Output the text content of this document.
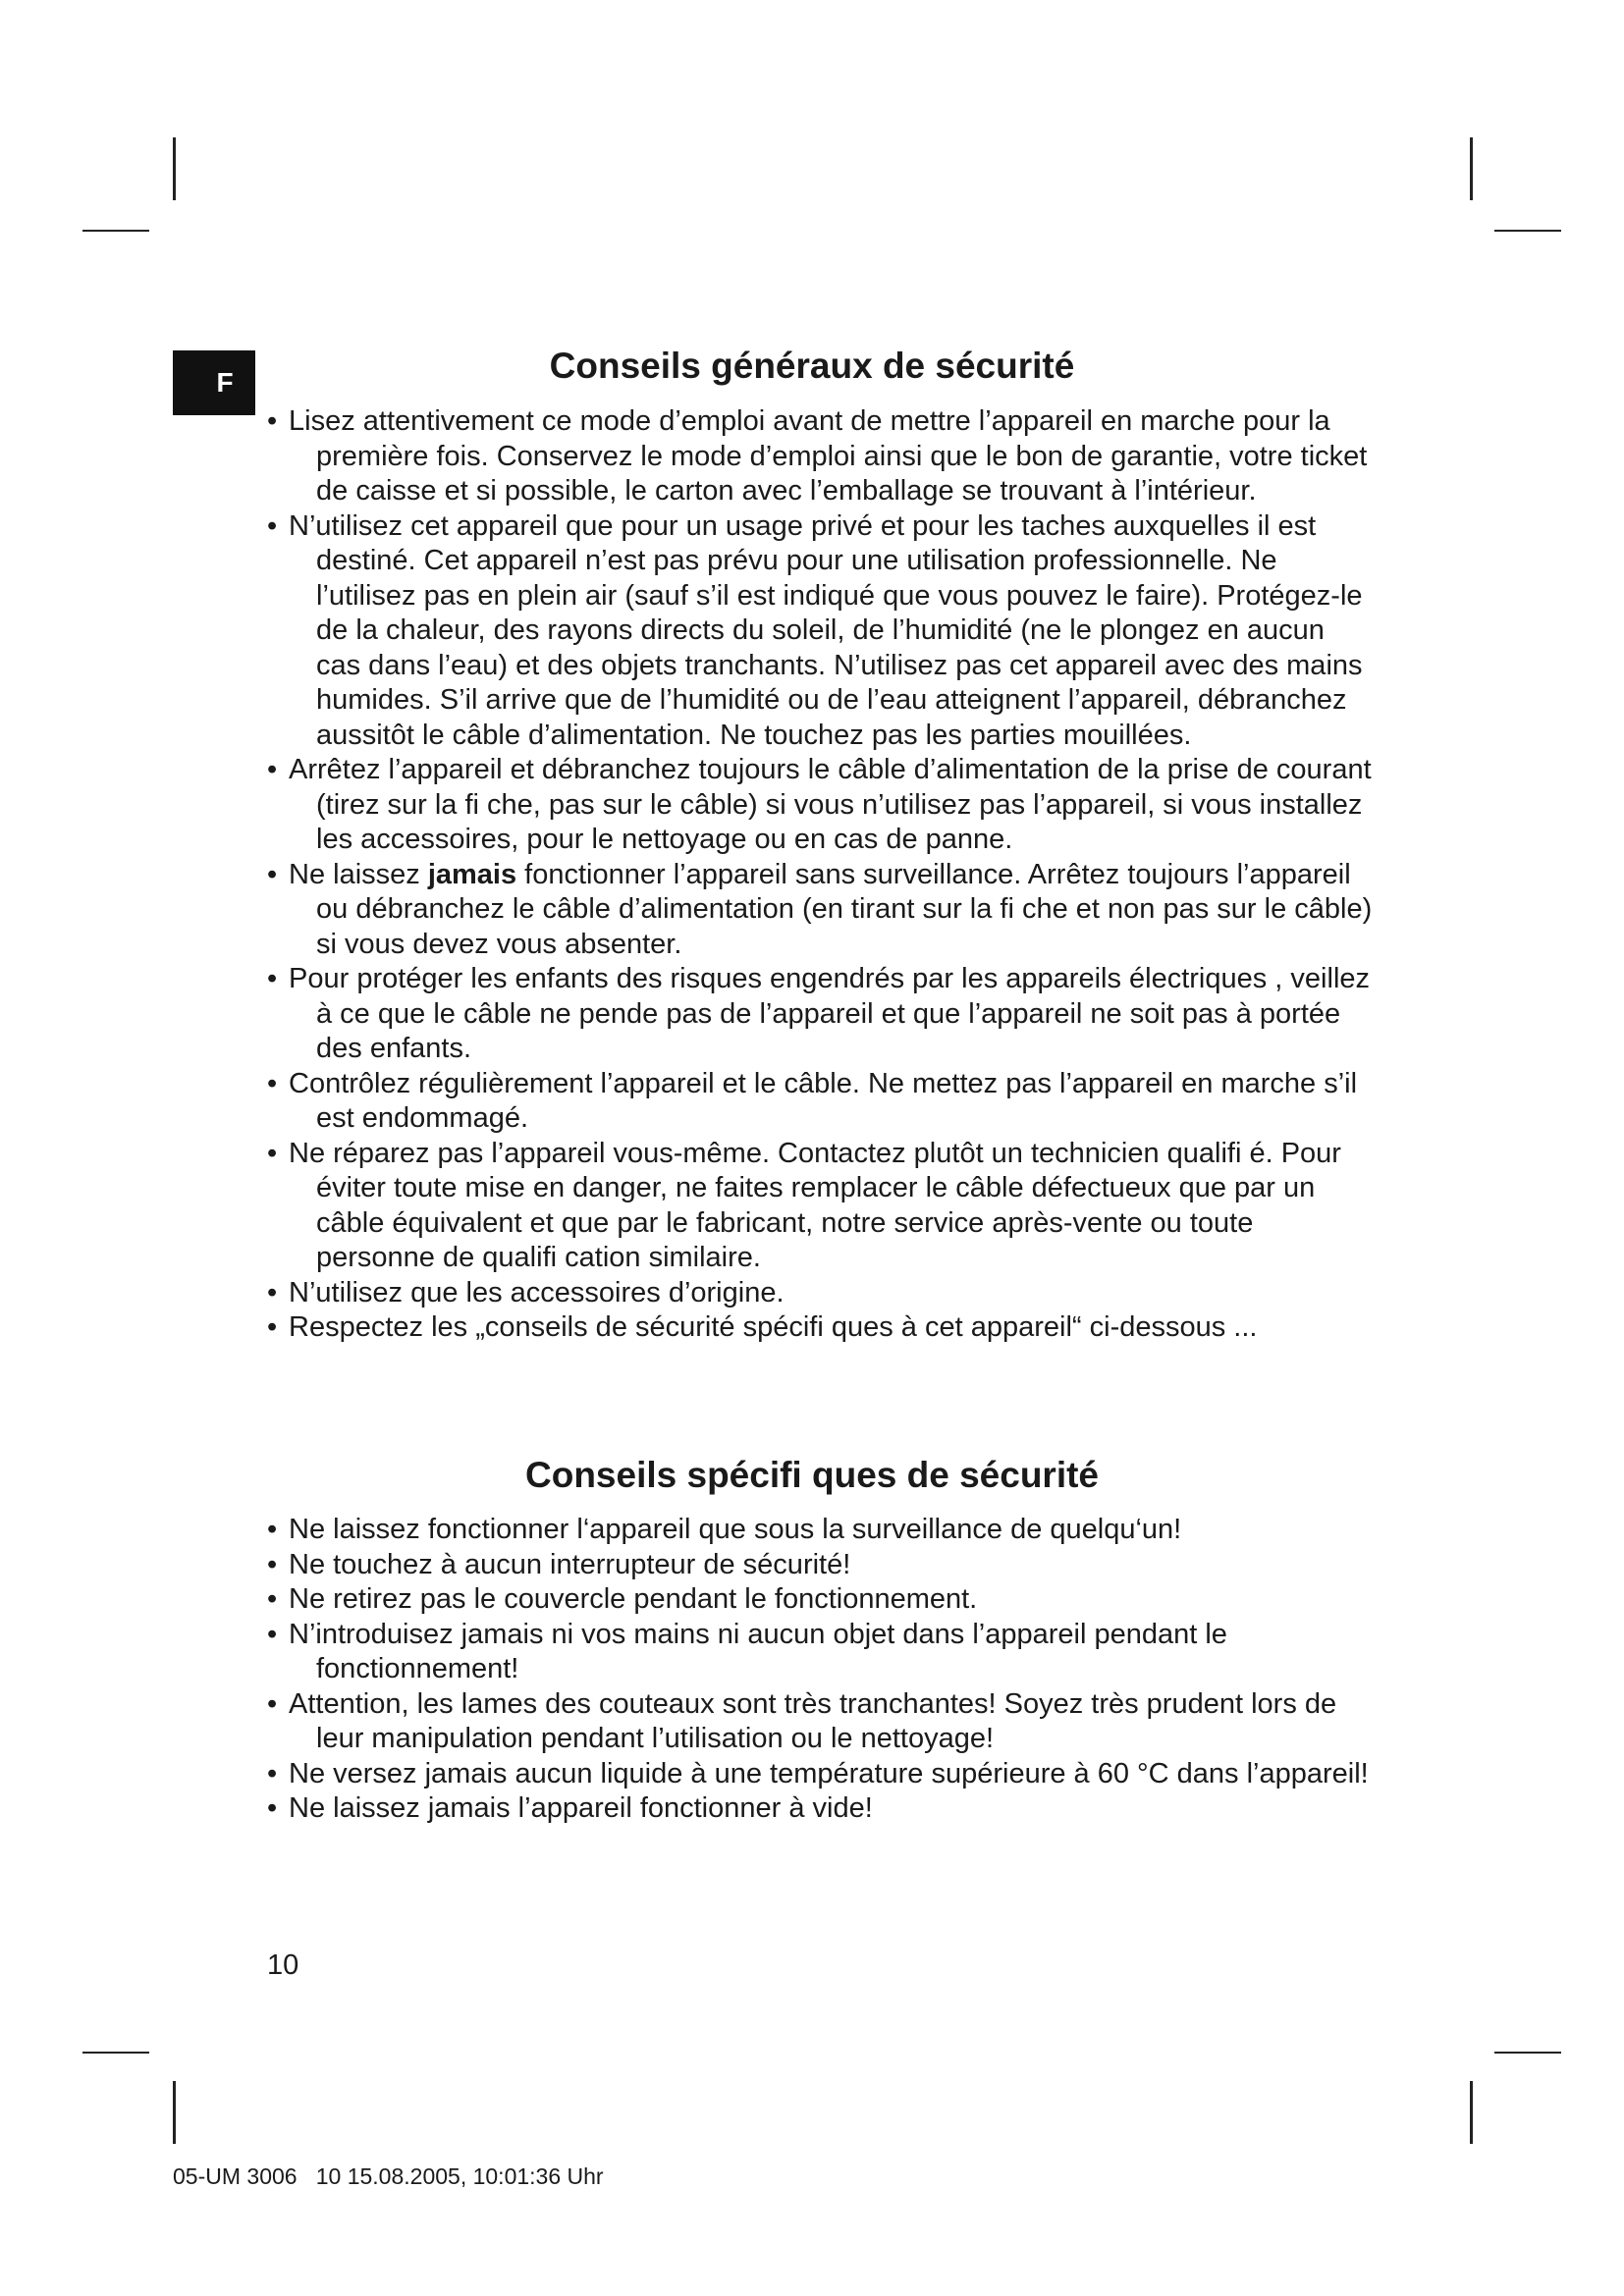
F	Conseils généraux de sécurité
• Lisez attentivement ce mode d’emploi avant de mettre l’appareil en marche pour la première fois. Conservez le mode d’emploi ainsi que le bon de garantie, votre ticket de caisse et si possible, le carton avec l’emballage se trouvant à l’intérieur.
• N’utilisez cet appareil que pour un usage privé et pour les taches auxquelles il est destiné. Cet appareil n’est pas prévu pour une utilisation professionnelle. Ne l’utilisez pas en plein air (sauf s’il est indiqué que vous pouvez le faire). Protégez-le de la chaleur, des rayons directs du soleil, de l’humidité (ne le plongez en aucun cas dans l’eau) et des objets tranchants. N’utilisez pas cet appareil avec des mains humides. S’il arrive que de l’humidité ou de l’eau atteignent l’appareil, débranchez aussitôt le câble d’alimentation. Ne touchez pas les parties mouillées.
• Arrêtez l’appareil et débranchez toujours le câble d’alimentation de la prise de courant (tirez sur la fi che, pas sur le câble) si vous n’utilisez pas l’appareil, si vous installez les accessoires, pour le nettoyage ou en cas de panne.
• Ne laissez jamais fonctionner l’appareil sans surveillance. Arrêtez toujours l’appareil ou débranchez le câble d’alimentation (en tirant sur la fi che et non pas sur le câble) si vous devez vous absenter.
• Pour protéger les enfants des risques engendrés par les appareils électriques , veillez à ce que le câble ne pende pas de l’appareil et que l’appareil ne soit pas à portée des enfants.
• Contrôlez régulièrement l’appareil et le câble. Ne mettez pas l’appareil en marche s’il est endommagé.
• Ne réparez pas l’appareil vous-même. Contactez plutôt un technicien qualifi é. Pour éviter toute mise en danger, ne faites remplacer le câble défectueux que par un câble équivalent et que par le fabricant, notre service après-vente ou toute personne de qualifi cation similaire.
• N’utilisez que les accessoires d’origine.
• Respectez les „conseils de sécurité spécifi ques à cet appareil“ ci-dessous ...
Conseils spécifi ques de sécurité
• Ne laissez fonctionner l‘appareil que sous la surveillance de quelqu‘un!
• Ne touchez à aucun interrupteur de sécurité!
• Ne retirez pas le couvercle pendant le fonctionnement.
• N’introduisez jamais ni vos mains ni aucun objet dans l’appareil pendant le fonctionnement!
• Attention, les lames des couteaux sont très tranchantes! Soyez très prudent lors de leur manipulation pendant l’utilisation ou le nettoyage!
• Ne versez jamais aucun liquide à une température supérieure à 60 °C dans l’appareil!
• Ne laissez jamais l’appareil fonctionner à vide!
10
05-UM 3006   10 15.08.2005, 10:01:36 Uhr
